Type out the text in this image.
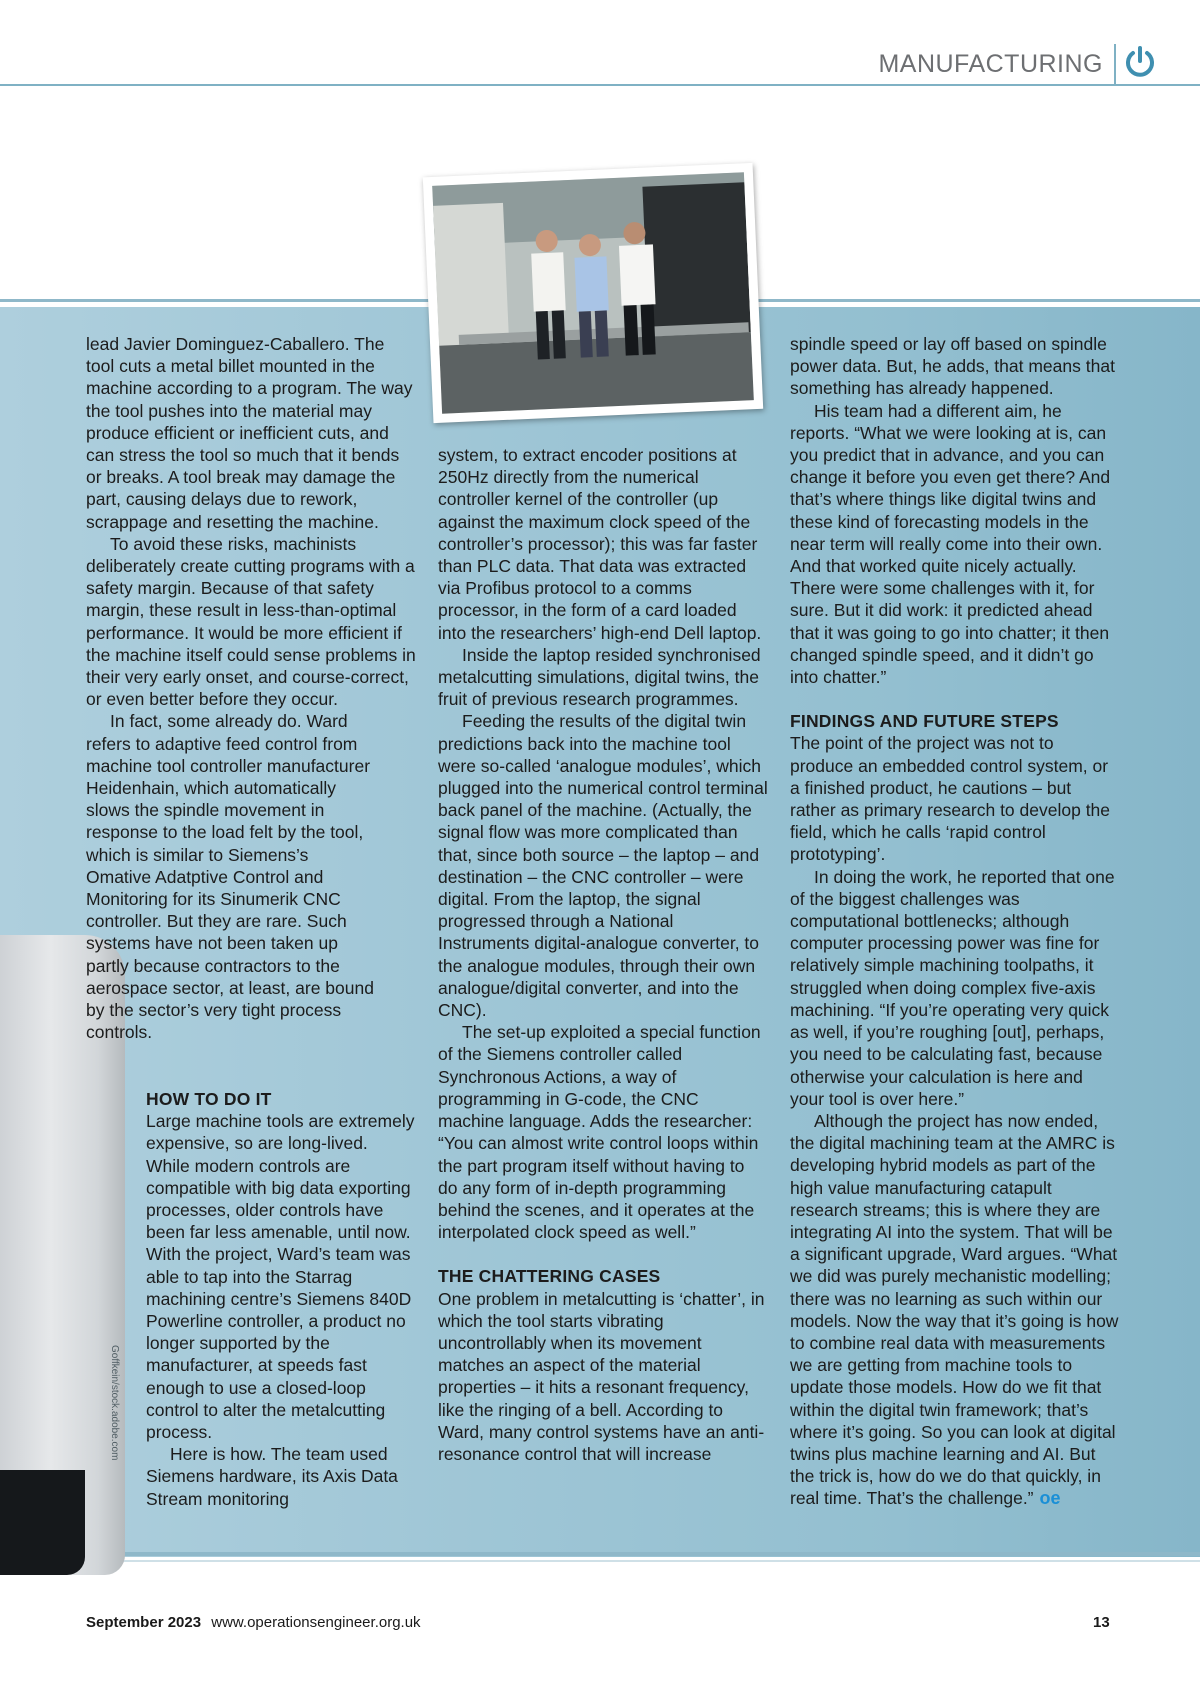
MANUFACTURING
Goffkein/stock.adobe.com

lead Javier Dominguez-Caballero. The tool cuts a metal billet mounted in the machine according to a program. The way the tool pushes into the material may produce efficient or inefficient cuts, and can stress the tool so much that it bends or breaks. A tool break may damage the part, causing delays due to rework, scrappage and resetting the machine.

To avoid these risks, machinists deliberately create cutting programs with a safety margin. Because of that safety margin, these result in less-than-optimal performance. It would be more efficient if the machine itself could sense problems in their very early onset, and course-correct, or even better before they occur.

In fact, some already do. Ward refers to adaptive feed control from machine tool controller manufacturer Heidenhain, which automatically slows the spindle movement in response to the load felt by the tool, which is similar to Siemens’s Omative Adatptive Control and Monitoring for its Sinumerik CNC controller. But they are rare. Such systems have not been taken up partly because contractors to the aerospace sector, at least, are bound by the sector’s very tight process controls.

HOW TO DO IT

Large machine tools are extremely expensive, so are long-lived. While modern controls are compatible with big data exporting processes, older controls have been far less amenable, until now. With the project, Ward’s team was able to tap into the Starrag machining centre’s Siemens 840D Powerline controller, a product no longer supported by the manufacturer, at speeds fast enough to use a closed-loop control to alter the metalcutting process.

Here is how. The team used Siemens hardware, its Axis Data Stream monitoring

system, to extract encoder positions at 250Hz directly from the numerical controller kernel of the controller (up against the maximum clock speed of the controller’s processor); this was far faster than PLC data. That data was extracted via Profibus protocol to a comms processor, in the form of a card loaded into the researchers’ high-end Dell laptop.

Inside the laptop resided synchronised metalcutting simulations, digital twins, the fruit of previous research programmes.

Feeding the results of the digital twin predictions back into the machine tool were so-called ‘analogue modules’, which plugged into the numerical control terminal back panel of the machine. (Actually, the signal flow was more complicated than that, since both source – the laptop – and destination – the CNC controller – were digital. From the laptop, the signal progressed through a National Instruments digital-analogue converter, to the analogue modules, through their own analogue/digital converter, and into the CNC).

The set-up exploited a special function of the Siemens controller called Synchronous Actions, a way of programming in G-code, the CNC machine language. Adds the researcher: “You can almost write control loops within the part program itself without having to do any form of in-depth programming behind the scenes, and it operates at the interpolated clock speed as well.”

THE CHATTERING CASES

One problem in metalcutting is ‘chatter’, in which the tool starts vibrating uncontrollably when its movement matches an aspect of the material properties – it hits a resonant frequency, like the ringing of a bell. According to Ward, many control systems have an anti-resonance control that will increase

spindle speed or lay off based on spindle power data. But, he adds, that means that something has already happened.

His team had a different aim, he reports. “What we were looking at is, can you predict that in advance, and you can change it before you even get there? And that’s where things like digital twins and these kind of forecasting models in the near term will really come into their own. And that worked quite nicely actually. There were some challenges with it, for sure. But it did work: it predicted ahead that it was going to go into chatter; it then changed spindle speed, and it didn’t go into chatter.”

FINDINGS AND FUTURE STEPS

The point of the project was not to produce an embedded control system, or a finished product, he cautions – but rather as primary research to develop the field, which he calls ‘rapid control prototyping’.

In doing the work, he reported that one of the biggest challenges was computational bottlenecks; although computer processing power was fine for relatively simple machining toolpaths, it struggled when doing complex five-axis machining. “If you’re operating very quick as well, if you’re roughing [out], perhaps, you need to be calculating fast, because otherwise your calculation is here and your tool is over here.”

Although the project has now ended, the digital machining team at the AMRC is developing hybrid models as part of the high value manufacturing catapult research streams; this is where they are integrating AI into the system. That will be a significant upgrade, Ward argues. “What we did was purely mechanistic modelling; there was no learning as such within our models. Now the way that it’s going is how to combine real data with measurements we are getting from machine tools to update those models. How do we fit that within the digital twin framework; that’s where it’s going. So you can look at digital twins plus machine learning and AI. But the trick is, how do we do that quickly, in real time. That’s the challenge.” oe

September 2023 www.operationsengineer.org.uk	13
